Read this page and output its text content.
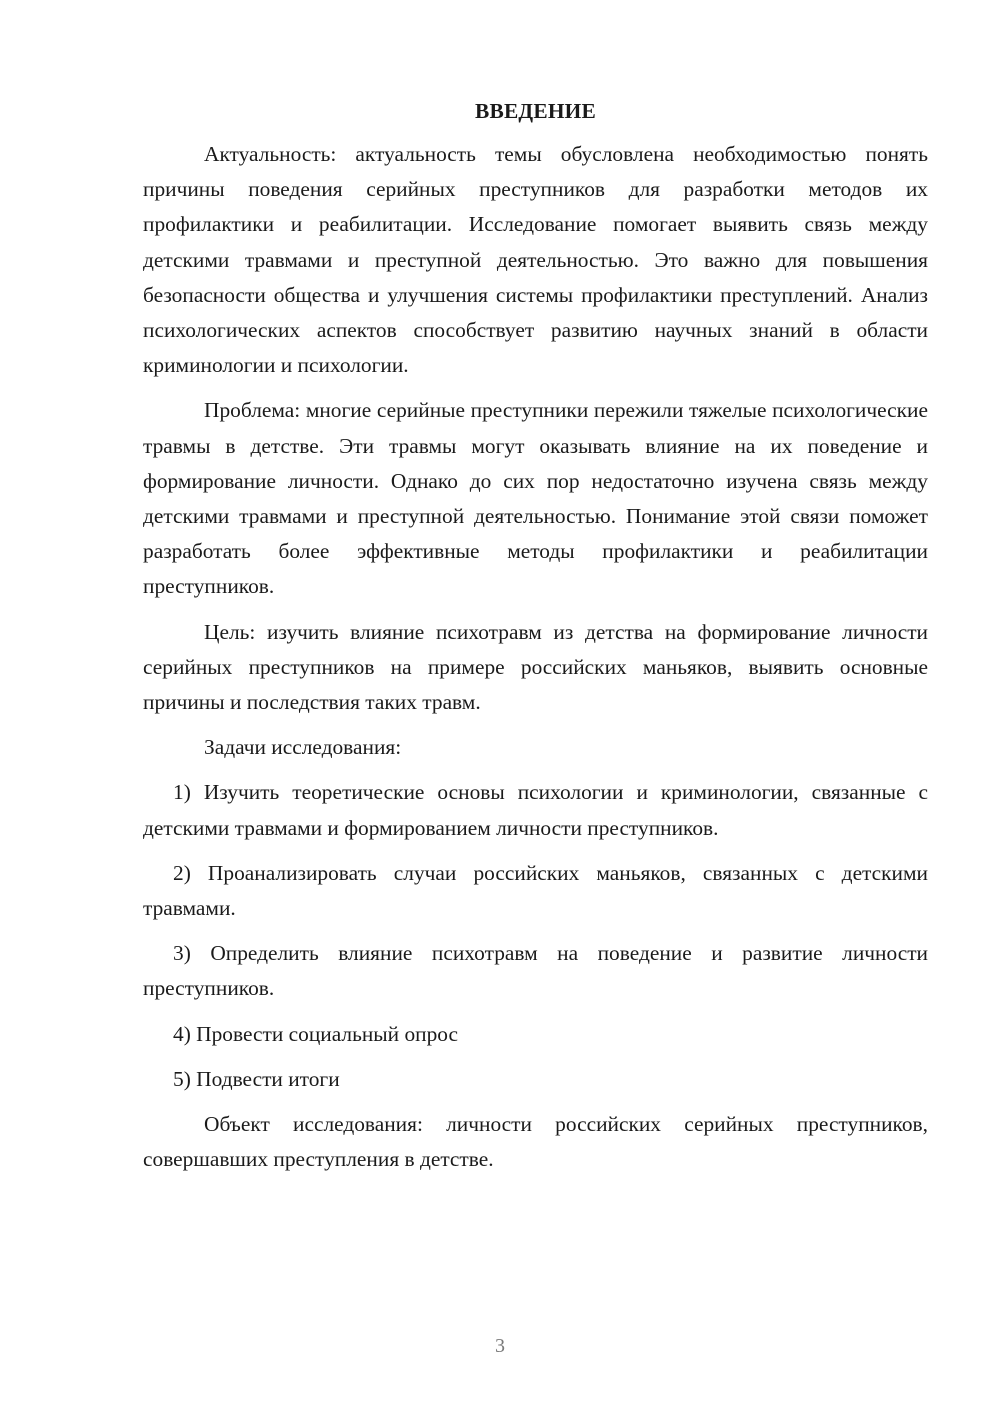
ВВЕДЕНИЕ

Актуальность: актуальность темы обусловлена необходимостью понять причины поведения серийных преступников для разработки методов их профилактики и реабилитации. Исследование помогает выявить связь между детскими травмами и преступной деятельностью. Это важно для повышения безопасности общества и улучшения системы профилактики преступлений. Анализ психологических аспектов способствует развитию научных знаний в области криминологии и психологии.

Проблема: многие серийные преступники пережили тяжелые психологические травмы в детстве. Эти травмы могут оказывать влияние на их поведение и формирование личности. Однако до сих пор недостаточно изучена связь между детскими травмами и преступной деятельностью. Понимание этой связи поможет разработать более эффективные методы профилактики и реабилитации преступников.

Цель: изучить влияние психотравм из детства на формирование личности серийных преступников на примере российских маньяков, выявить основные причины и последствия таких травм.

Задачи исследования:

1) Изучить теоретические основы психологии и криминологии, связанные с детскими травмами и формированием личности преступников.

2) Проанализировать случаи российских маньяков, связанных с детскими травмами.

3) Определить влияние психотравм на поведение и развитие личности преступников.

4) Провести социальный опрос

5) Подвести итоги

Объект исследования: личности российских серийных преступников, совершавших преступления в детстве.

3
